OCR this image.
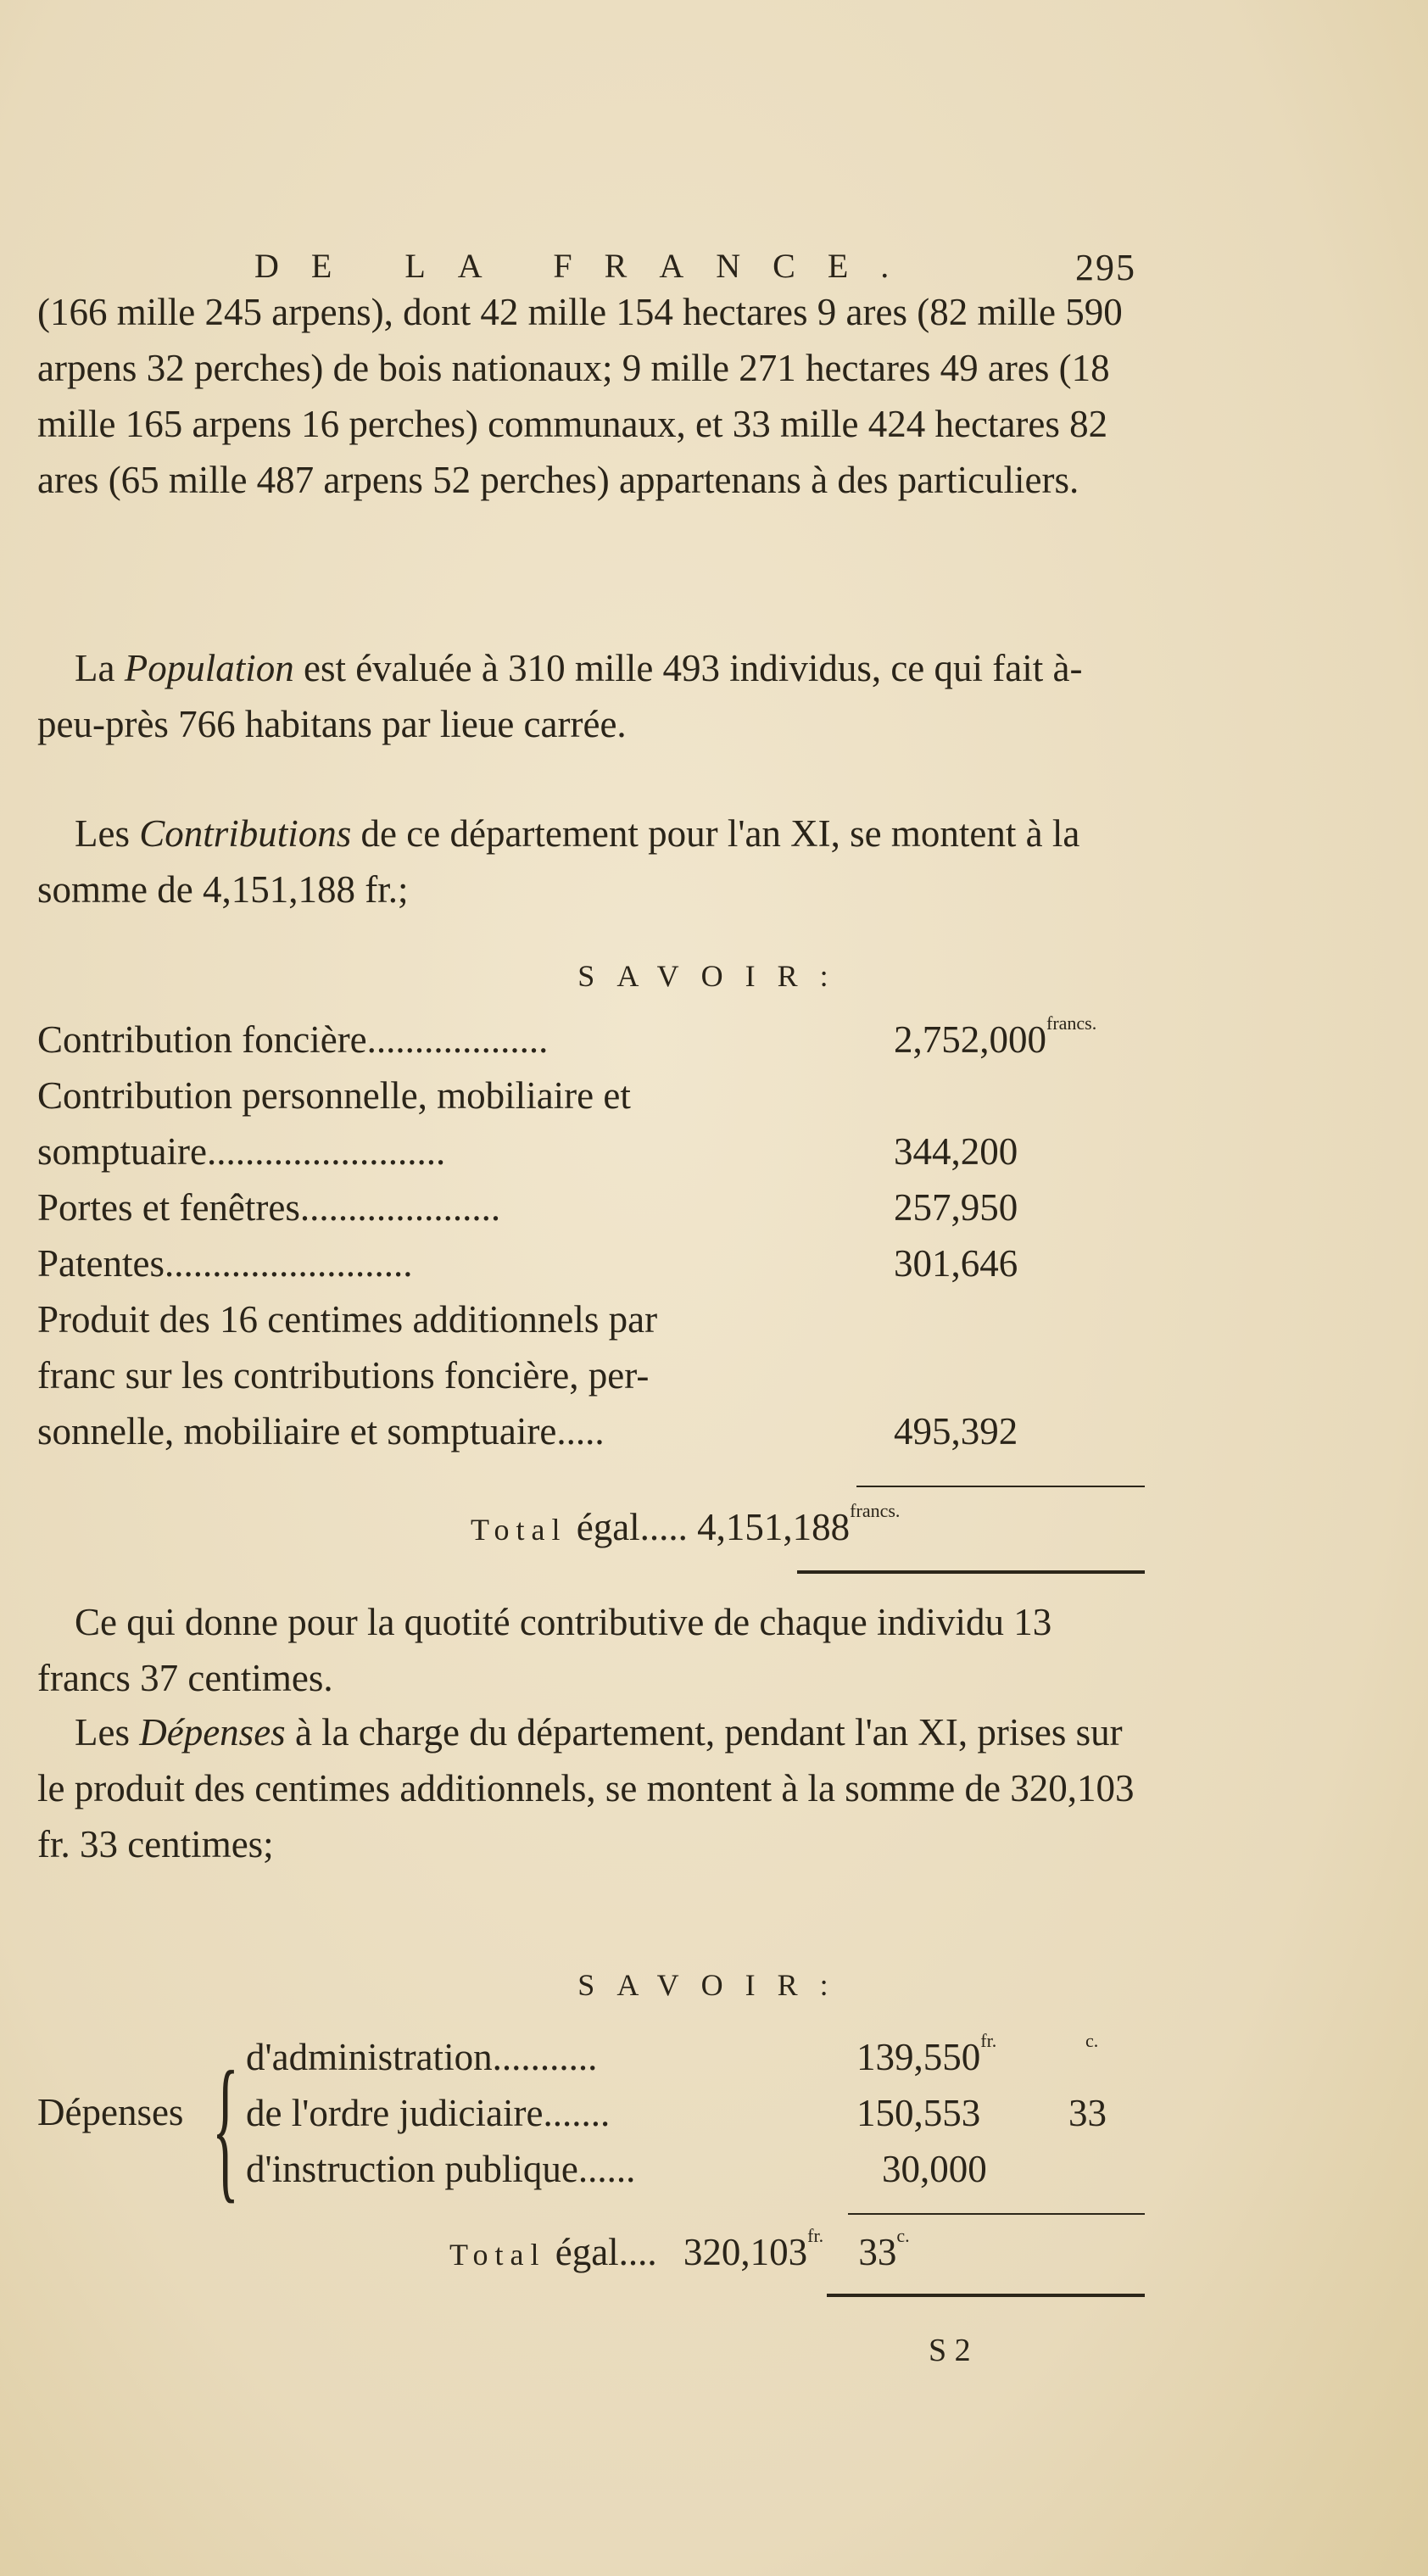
DE LA FRANCE.	295

(166 mille 245 arpens), dont 42 mille 154 hectares 9 ares (82 mille 590 arpens 32 perches) de bois nationaux; 9 mille 271 hectares 49 ares (18 mille 165 arpens 16 perches) communaux, et 33 mille 424 hectares 82 ares (65 mille 487 arpens 52 perches) appartenans à des particuliers.

La Population est évaluée à 310 mille 493 individus, ce qui fait à-peu-près 766 habitans par lieue carrée.

Les Contributions de ce département pour l'an XI, se montent à la somme de 4,151,188 fr.;

SAVOIR:
Contribution foncière...................	$2,752,000^{francs.}$
Contribution personnelle, mobiliaire et
somptuaire.........................	344,200
Portes et fenêtres.....................	257,950
Patentes..........................	301,646
Produit des 16 centimes additionnels par
franc sur les contributions foncière, per-
sonnelle, mobiliaire et somptuaire.....	495,392
Total égal..... $4,151,188^{francs.}$

Ce qui donne pour la quotité contributive de chaque individu 13 francs 37 centimes.

Les Dépenses à la charge du département, pendant l'an XI, prises sur le produit des centimes additionnels, se montent à la somme de 320,103 fr. 33 centimes;

SAVOIR:
Dépenses { d'administration...........	$139,550^{fr.}$	$^{c.}$
de l'ordre judiciaire.......	150,553 33
d'instruction publique......	30,000
Total égal.... $320,103^{fr.}$ $33^{c.}$
S 2
